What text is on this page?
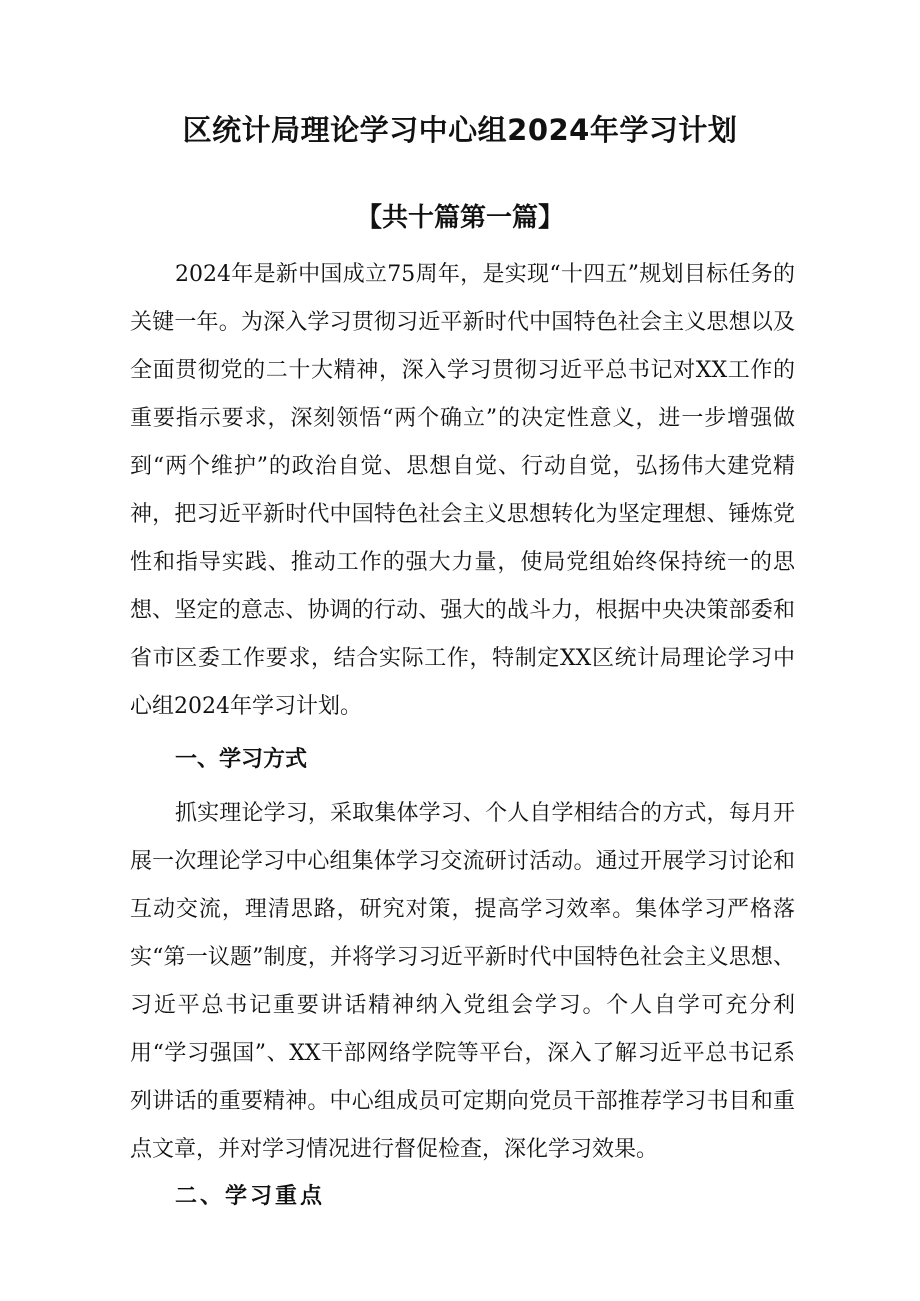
区统计局理论学习中心组2024年学习计划
【共十篇第一篇】

2024年是新中国成立75周年，是实现“十四五”规划目标任务的关键一年。为深入学习贯彻习近平新时代中国特色社会主义思想以及全面贯彻党的二十大精神，深入学习贯彻习近平总书记对XX工作的重要指示要求，深刻领悟“两个确立”的决定性意义，进一步增强做到“两个维护”的政治自觉、思想自觉、行动自觉，弘扬伟大建党精神，把习近平新时代中国特色社会主义思想转化为坚定理想、锤炼党性和指导实践、推动工作的强大力量，使局党组始终保持统一的思想、坚定的意志、协调的行动、强大的战斗力，根据中央决策部委和省市区委工作要求，结合实际工作，特制定XX区统计局理论学习中心组2024年学习计划。

一、学习方式

抓实理论学习，采取集体学习、个人自学相结合的方式，每月开展一次理论学习中心组集体学习交流研讨活动。通过开展学习讨论和互动交流，理清思路，研究对策，提高学习效率。集体学习严格落实“第一议题”制度，并将学习习近平新时代中国特色社会主义思想、习近平总书记重要讲话精神纳入党组会学习。个人自学可充分利用“学习强国”、XX干部网络学院等平台，深入了解习近平总书记系列讲话的重要精神。中心组成员可定期向党员干部推荐学习书目和重点文章，并对学习情况进行督促检查，深化学习效果。

二、学习重点
